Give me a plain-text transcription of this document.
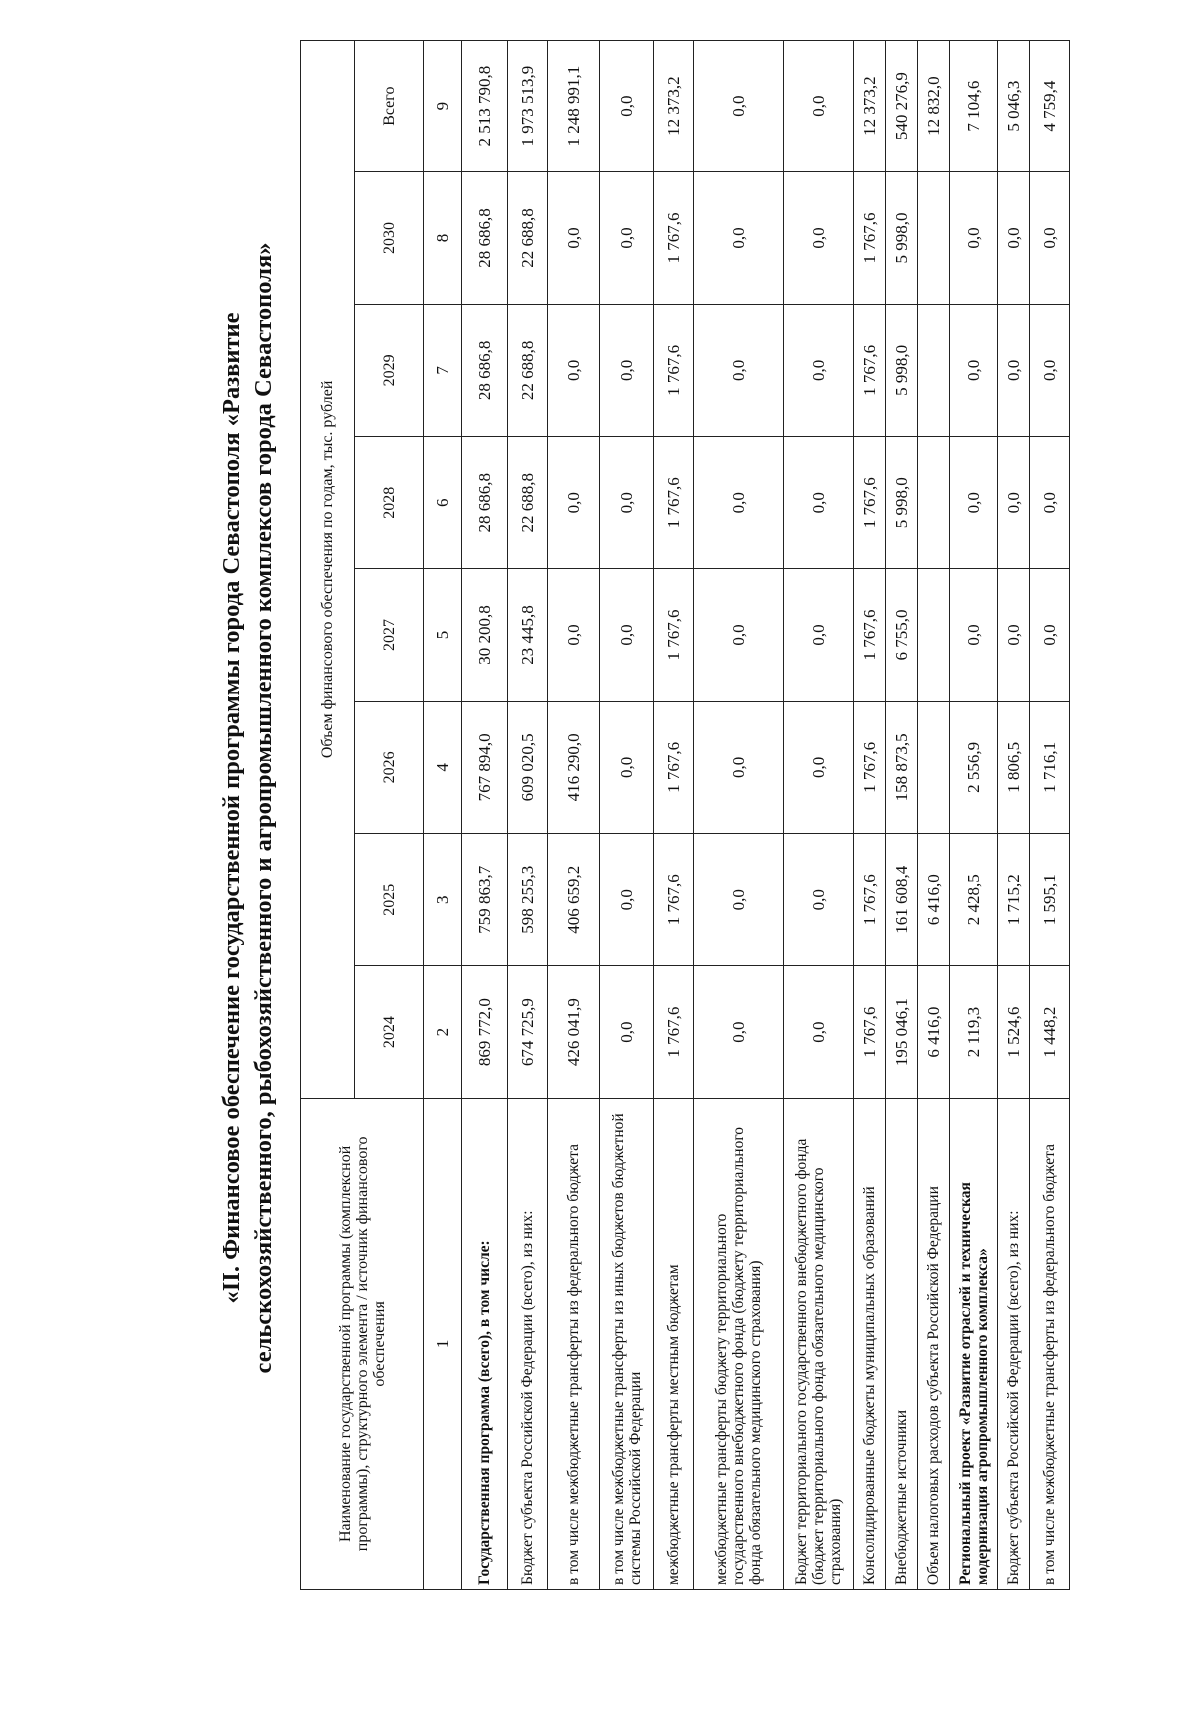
«II. Финансовое обеспечение государственной программы города Севастополя «Развитие сельскохозяйственного, рыбохозяйственного и агропромышленного комплексов города Севастополя»	Наименование государственной программы (комплексной программы), структурного элемента / источник финансового обеспечения	Объем финансового обеспечения по годам, тыс. рублей							
	2024	2025	2026	2027	2028	2029	2030	Всего
1	2	3	4	5	6	7	8	9
Государственная программа (всего), в том числе:	869 772,0	759 863,7	767 894,0	30 200,8	28 686,8	28 686,8	28 686,8	2 513 790,8
Бюджет субъекта Российской Федерации (всего), из них:	674 725,9	598 255,3	609 020,5	23 445,8	22 688,8	22 688,8	22 688,8	1 973 513,9
в том числе межбюджетные трансферты из федерального бюджета	426 041,9	406 659,2	416 290,0	0,0	0,0	0,0	0,0	1 248 991,1
в том числе межбюджетные трансферты из иных бюджетов бюджетной системы Российской Федерации	0,0	0,0	0,0	0,0	0,0	0,0	0,0	0,0
межбюджетные трансферты местным бюджетам	1 767,6	1 767,6	1 767,6	1 767,6	1 767,6	1 767,6	1 767,6	12 373,2
межбюджетные трансферты бюджету территориального государственного внебюджетного фонда (бюджету территориального фонда обязательного медицинского страхования)	0,0	0,0	0,0	0,0	0,0	0,0	0,0	0,0
Бюджет территориального государственного внебюджетного фонда (бюджет территориального фонда обязательного медицинского страхования)	0,0	0,0	0,0	0,0	0,0	0,0	0,0	0,0
Консолидированные бюджеты муниципальных образований	1 767,6	1 767,6	1 767,6	1 767,6	1 767,6	1 767,6	1 767,6	12 373,2
Внебюджетные источники	195 046,1	161 608,4	158 873,5	6 755,0	5 998,0	5 998,0	5 998,0	540 276,9
Объем налоговых расходов субъекта Российской Федерации	6 416,0	6 416,0						12 832,0
Региональный проект «Развитие отраслей и техническая модернизация агропромышленного комплекса»	2 119,3	2 428,5	2 556,9	0,0	0,0	0,0	0,0	7 104,6
Бюджет субъекта Российской Федерации (всего), из них:	1 524,6	1 715,2	1 806,5	0,0	0,0	0,0	0,0	5 046,3
в том числе межбюджетные трансферты из федерального бюджета	1 448,2	1 595,1	1 716,1	0,0	0,0	0,0	0,0	4 759,4
